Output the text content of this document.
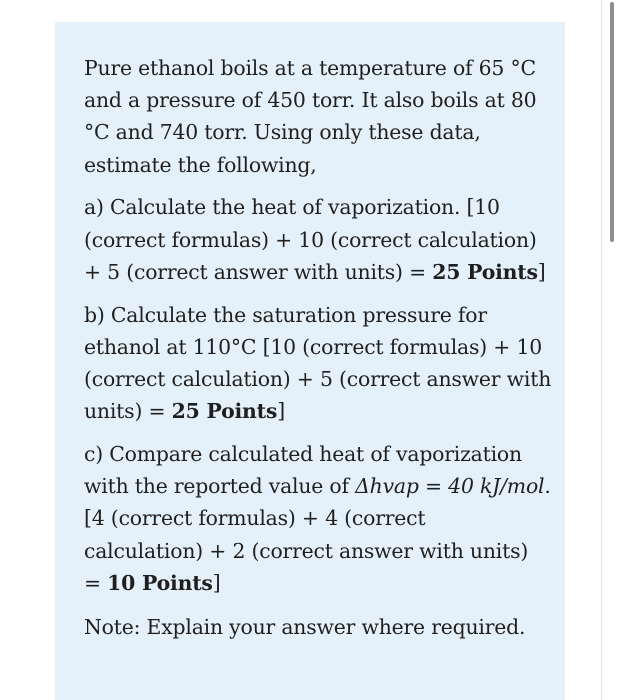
Pure ethanol boils at a temperature of 65 °C
and a pressure of 450 torr. It also boils at 80
°C and 740 torr. Using only these data,
estimate the following,
a) Calculate the heat of vaporization. [10
(correct formulas) + 10 (correct calculation)
+ 5 (correct answer with units) = 25 Points]
b) Calculate the saturation pressure for
ethanol at 110°C [10 (correct formulas) + 10
(correct calculation) + 5 (correct answer with
units) = 25 Points]
c) Compare calculated heat of vaporization
with the reported value of Δhvap = 40 kJ/mol.
[4 (correct formulas) + 4 (correct
calculation) + 2 (correct answer with units)
= 10 Points]
Note: Explain your answer where required.
